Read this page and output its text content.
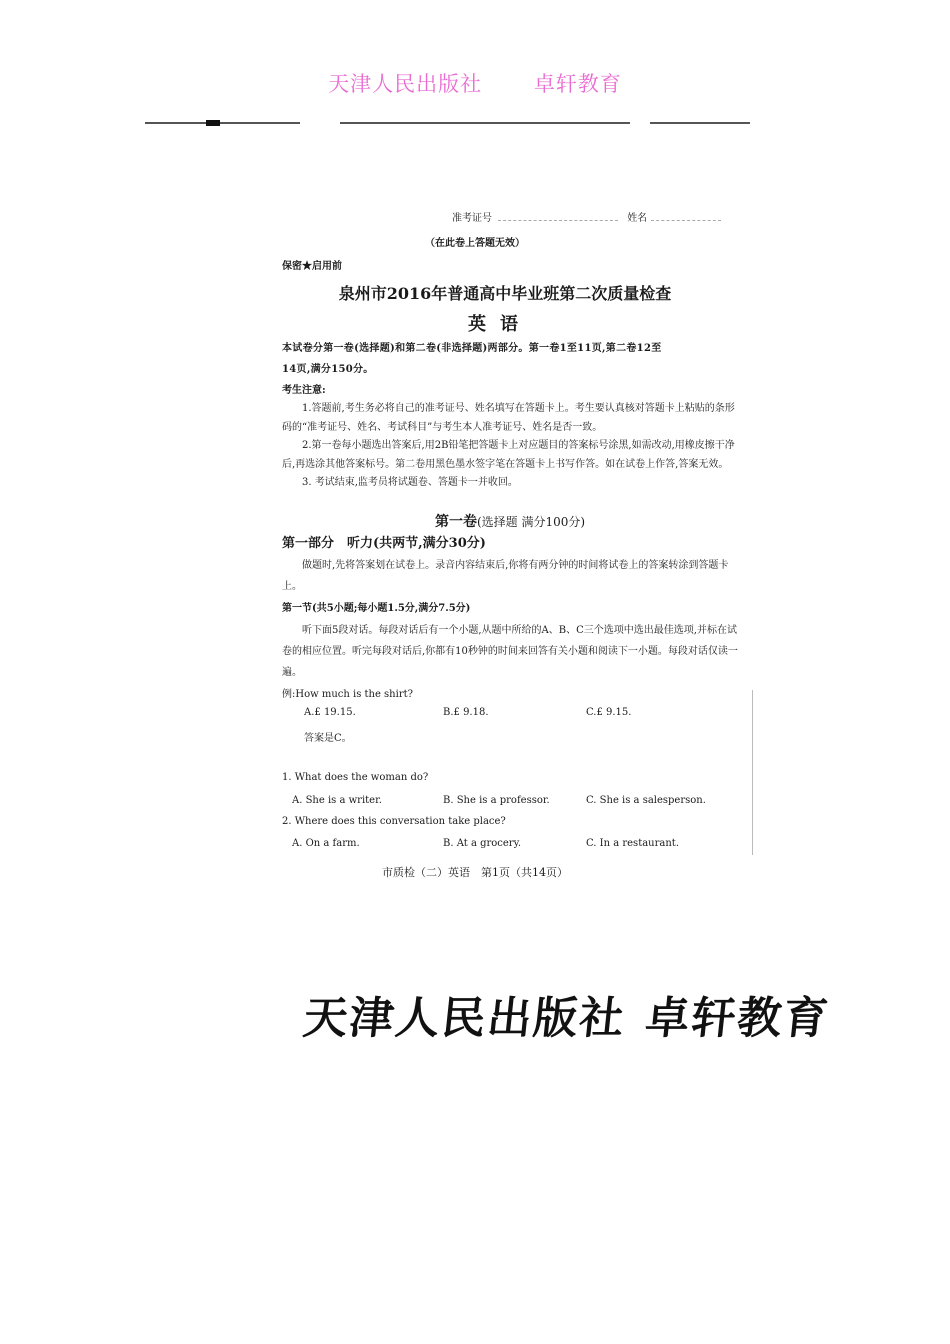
天津人民出版社 卓轩教育
准考证号	姓名
（在此卷上答题无效）
保密★启用前
泉州市2016年普通高中毕业班第二次质量检查
英语
本试卷分第一卷(选择题)和第二卷(非选择题)两部分。第一卷1至11页,第二卷12至
14页,满分150分。
考生注意:
1.答题前,考生务必将自己的准考证号、姓名填写在答题卡上。考生要认真核对答题卡上粘贴的条形码的“准考证号、姓名、考试科目”与考生本人准考证号、姓名是否一致。
2.第一卷每小题选出答案后,用2B铅笔把答题卡上对应题目的答案标号涂黑,如需改动,用橡皮擦干净后,再选涂其他答案标号。第二卷用黑色墨水签字笔在答题卡上书写作答。如在试卷上作答,答案无效。
3. 考试结束,监考员将试题卷、答题卡一并收回。
第一卷(选择题 满分100分)
第一部分　听力(共两节,满分30分)
做题时,先将答案划在试卷上。录音内容结束后,你将有两分钟的时间将试卷上的答案转涂到答题卡上。
第一节(共5小题;每小题1.5分,满分7.5分)
听下面5段对话。每段对话后有一个小题,从题中所给的A、B、C三个选项中选出最佳选项,并标在试卷的相应位置。听完每段对话后,你都有10秒钟的时间来回答有关小题和阅读下一小题。每段对话仅读一遍。
例:How much is the shirt?
A.£ 19.15.	B.£ 9.18.	C.£ 9.15.
答案是C。
1. What does the woman do?
A. She is a writer.	B. She is a professor.	C. She is a salesperson.
2. Where does this conversation take place?
A. On a farm.	B. At a grocery.	C. In a restaurant.
市质检（二）英语　第1页（共14页）
天津人民出版社 卓轩教育
